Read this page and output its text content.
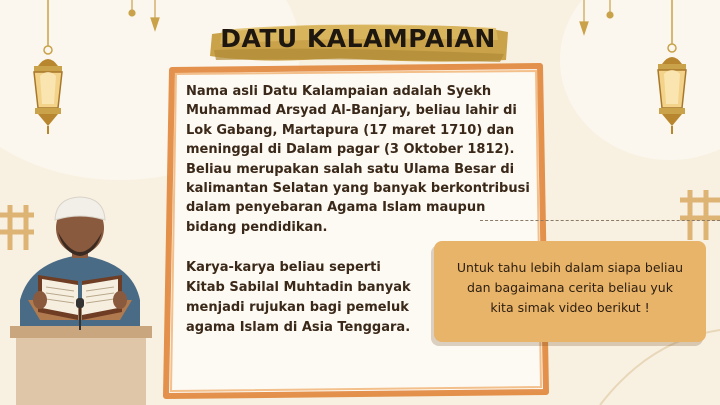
DATU KALAMPAIAN
Nama asli Datu Kalampaian adalah Syekh
Muhammad Arsyad Al-Banjary, beliau lahir di
Lok Gabang, Martapura (17 maret 1710) dan
meninggal di Dalam pagar (3 Oktober 1812).
Beliau merupakan salah satu Ulama Besar di
kalimantan Selatan yang banyak berkontribusi
dalam penyebaran Agama Islam maupun
bidang pendidikan.
Karya-karya beliau seperti
Kitab Sabilal Muhtadin banyak
menjadi rujukan bagi pemeluk
agama Islam di Asia Tenggara.
Untuk tahu lebih dalam siapa beliau
dan bagaimana cerita beliau yuk
kita simak video berikut !
